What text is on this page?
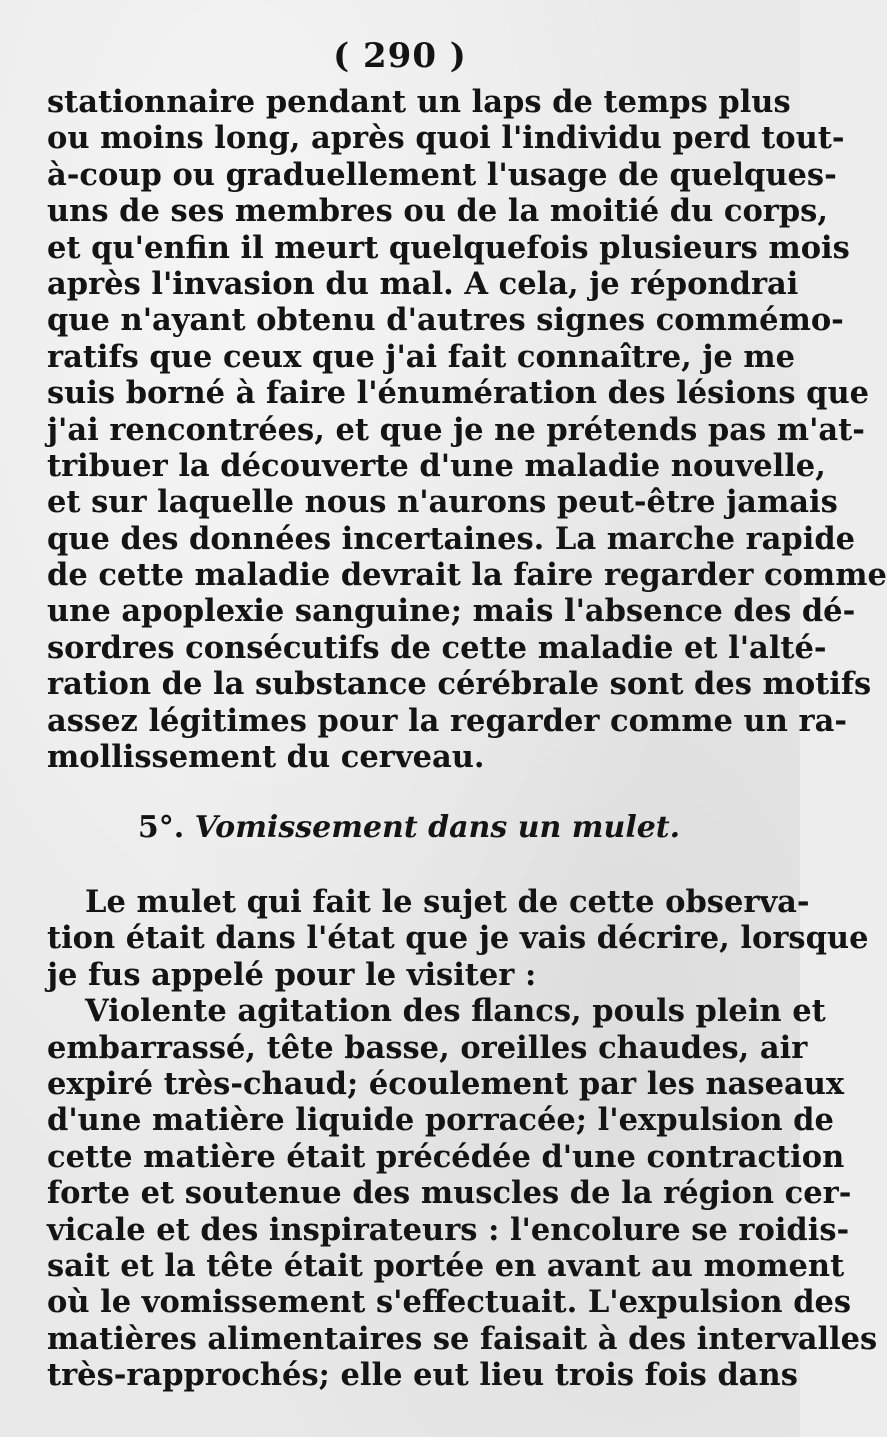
( 290 )
stationnaire pendant un laps de temps plus
ou moins long, après quoi l'individu perd tout-
à-coup ou graduellement l'usage de quelques-
uns de ses membres ou de la moitié du corps,
et qu'enfin il meurt quelquefois plusieurs mois
après l'invasion du mal. A cela, je répondrai
que n'ayant obtenu d'autres signes commémo-
ratifs que ceux que j'ai fait connaître, je me
suis borné à faire l'énumération des lésions que
j'ai rencontrées, et que je ne prétends pas m'at-
tribuer la découverte d'une maladie nouvelle,
et sur laquelle nous n'aurons peut-être jamais
que des données incertaines. La marche rapide
de cette maladie devrait la faire regarder comme
une apoplexie sanguine; mais l'absence des dé-
sordres consécutifs de cette maladie et l'alté-
ration de la substance cérébrale sont des motifs
assez légitimes pour la regarder comme un ra-
mollissement du cerveau.
5°. Vomissement dans un mulet.
Le mulet qui fait le sujet de cette observa-
tion était dans l'état que je vais décrire, lorsque
je fus appelé pour le visiter :
Violente agitation des flancs, pouls plein et
embarrassé, tête basse, oreilles chaudes, air
expiré très-chaud; écoulement par les naseaux
d'une matière liquide porracée; l'expulsion de
cette matière était précédée d'une contraction
forte et soutenue des muscles de la région cer-
vicale et des inspirateurs : l'encolure se roidis-
sait et la tête était portée en avant au moment
où le vomissement s'effectuait. L'expulsion des
matières alimentaires se faisait à des intervalles
très-rapprochés; elle eut lieu trois fois dans
